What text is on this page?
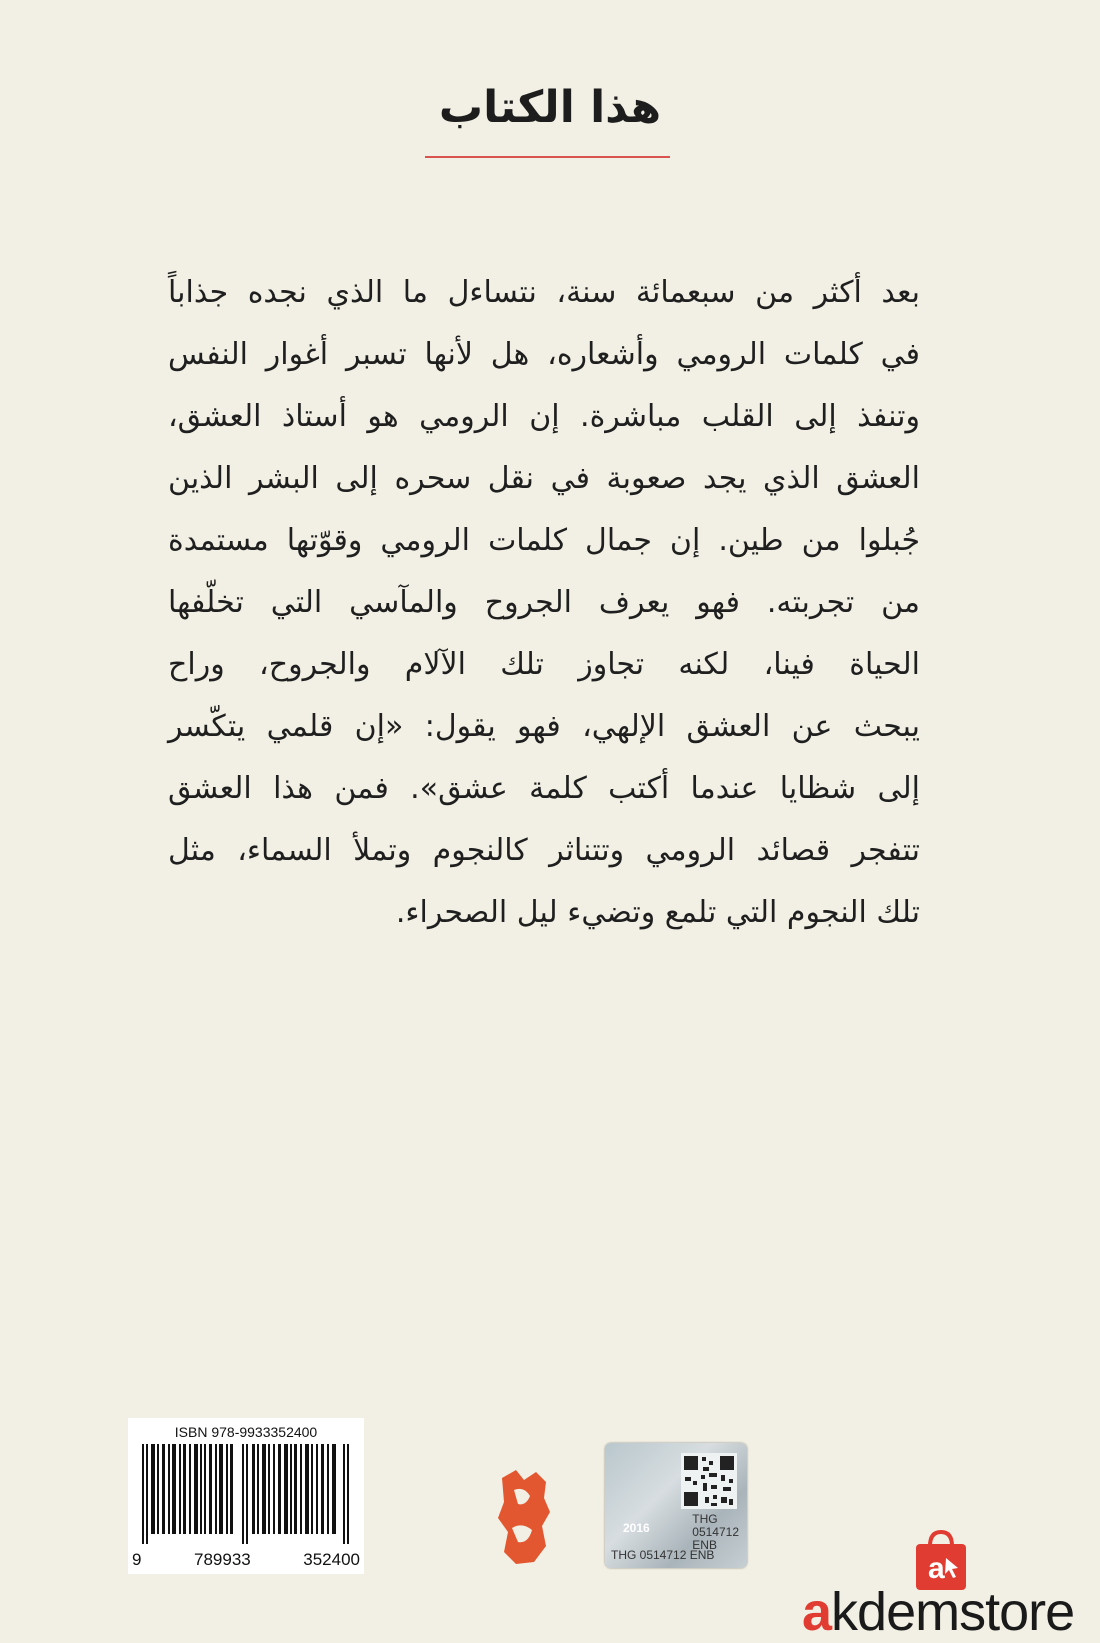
هذا الكتاب
بعد أكثر من سبعمائة سنة، نتساءل ما الذي نجده جذاباً
في كلمات الرومي وأشعاره، هل لأنها تسبر أغوار النفس
وتنفذ إلى القلب مباشرة. إن الرومي هو أستاذ العشق،
العشق الذي يجد صعوبة في نقل سحره إلى البشر الذين
جُبلوا من طين. إن جمال كلمات الرومي وقوّتها مستمدة
من تجربته. فهو يعرف الجروح والمآسي التي تخلّفها
الحياة فينا، لكنه تجاوز تلك الآلام والجروح، وراح
يبحث عن العشق الإلهي، فهو يقول: «إن قلمي يتكّسر
إلى شظايا عندما أكتب كلمة عشق». فمن هذا العشق
تتفجر قصائد الرومي وتتناثر كالنجوم وتملأ السماء، مثل
تلك النجوم التي تلمع وتضيء ليل الصحراء.
ISBN 978-9933352400
9	789933	352400
2016
THG
0514712
ENB
THG 0514712 ENB	a
akdemstore
